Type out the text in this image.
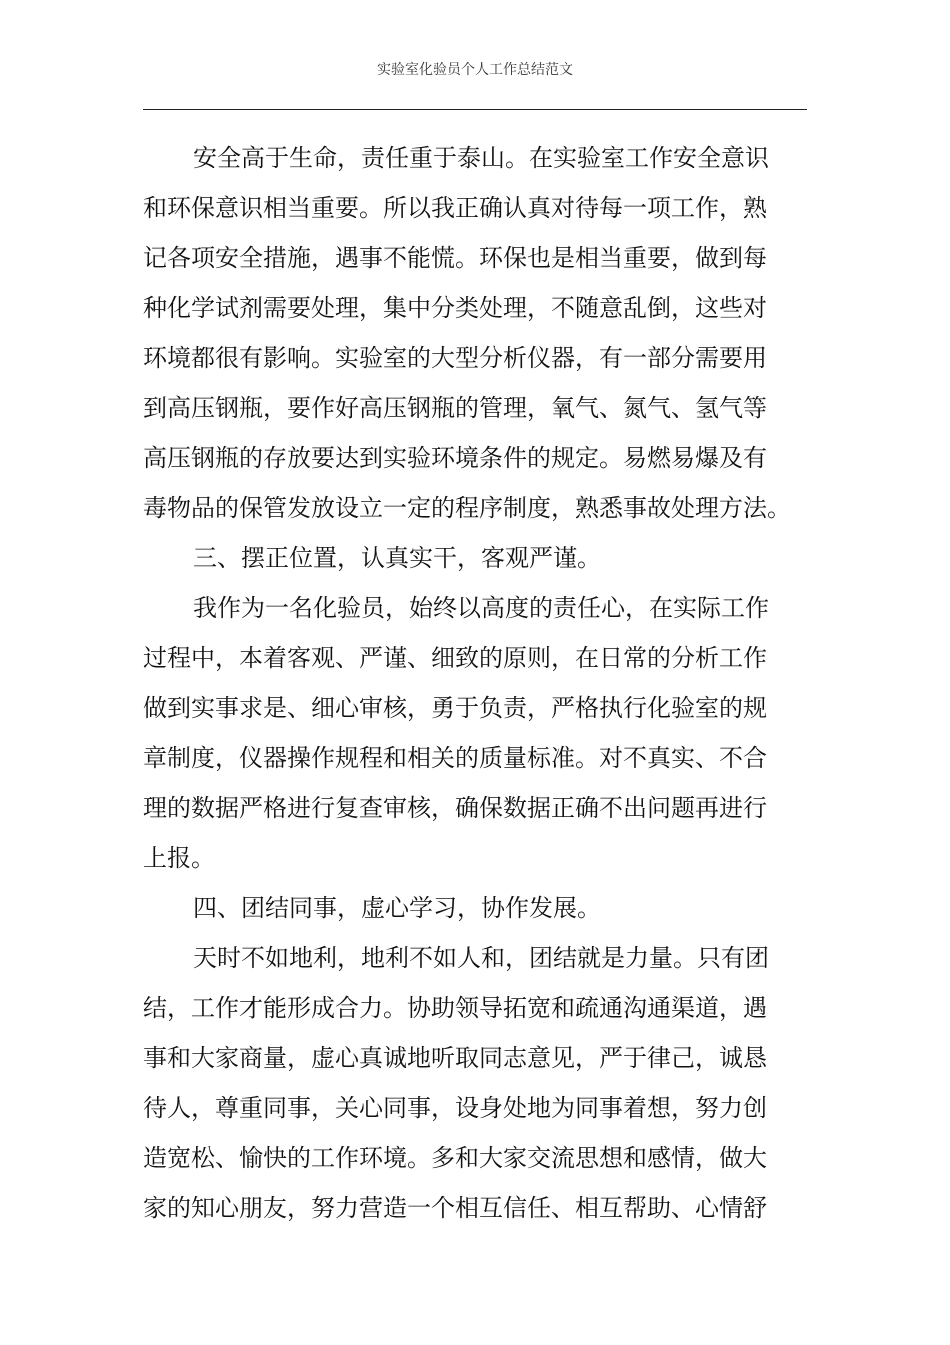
实验室化验员个人工作总结范文
安全高于生命，责任重于泰山。在实验室工作安全意识
和环保意识相当重要。所以我正确认真对待每一项工作，熟
记各项安全措施，遇事不能慌。环保也是相当重要，做到每
种化学试剂需要处理，集中分类处理，不随意乱倒，这些对
环境都很有影响。实验室的大型分析仪器，有一部分需要用
到高压钢瓶，要作好高压钢瓶的管理，氧气、氮气、氢气等
高压钢瓶的存放要达到实验环境条件的规定。易燃易爆及有
毒物品的保管发放设立一定的程序制度，熟悉事故处理方法。
三、摆正位置，认真实干，客观严谨。
我作为一名化验员，始终以高度的责任心，在实际工作
过程中，本着客观、严谨、细致的原则，在日常的分析工作
做到实事求是、细心审核，勇于负责，严格执行化验室的规
章制度，仪器操作规程和相关的质量标准。对不真实、不合
理的数据严格进行复查审核，确保数据正确不出问题再进行
上报。
四、团结同事，虚心学习，协作发展。
天时不如地利，地利不如人和，团结就是力量。只有团
结，工作才能形成合力。协助领导拓宽和疏通沟通渠道，遇
事和大家商量，虚心真诚地听取同志意见，严于律己，诚恳
待人，尊重同事，关心同事，设身处地为同事着想，努力创
造宽松、愉快的工作环境。多和大家交流思想和感情，做大
家的知心朋友，努力营造一个相互信任、相互帮助、心情舒
